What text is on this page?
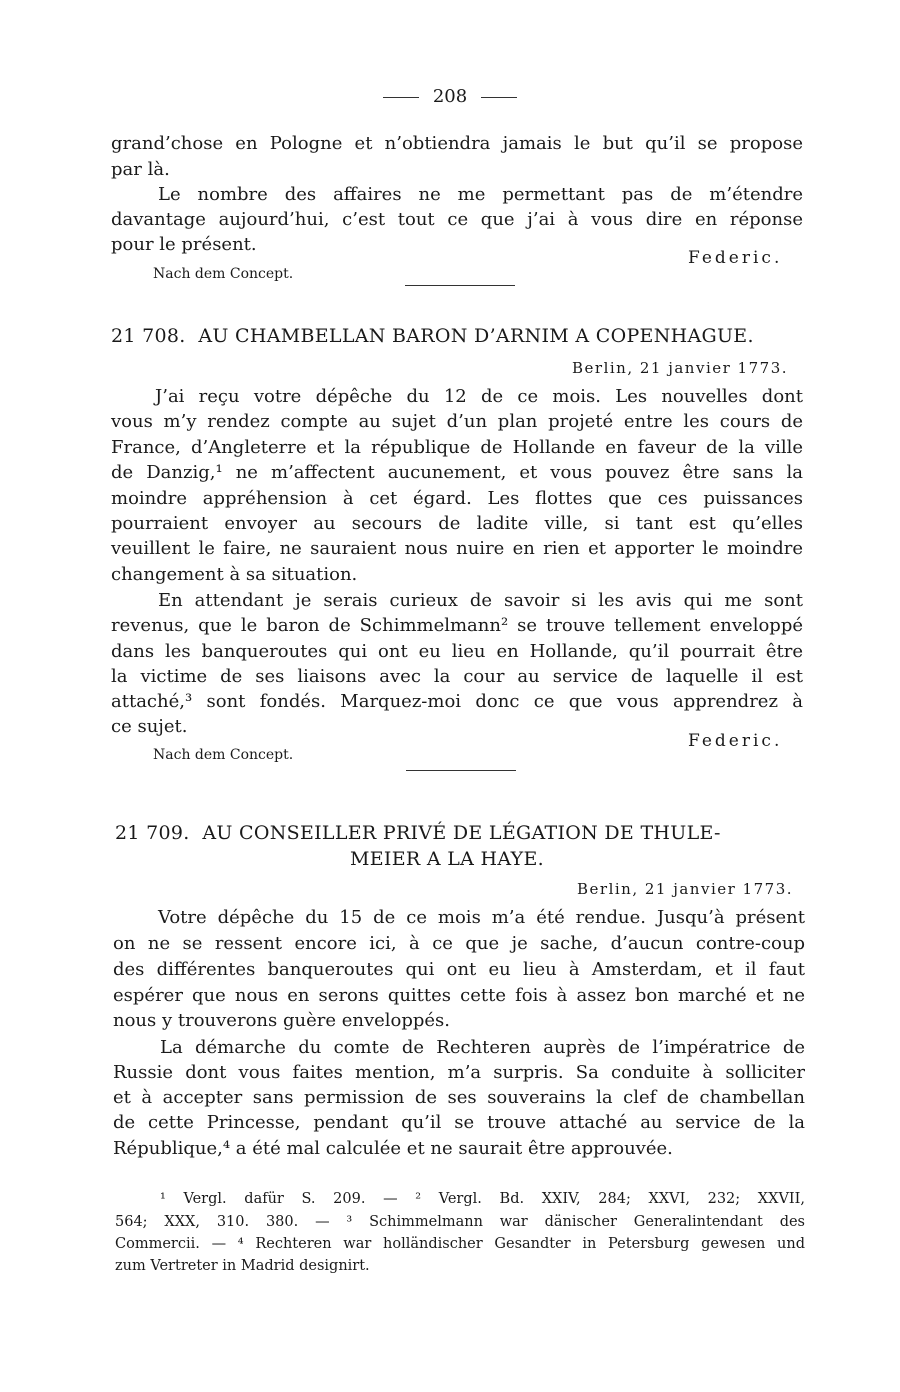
208
grand’chose en Pologne et n’obtiendra jamais le but qu’il se propose
par là.
Le nombre des affaires ne me permettant pas de m’étendre
davantage aujourd’hui, c’est tout ce que j’ai à vous dire en réponse
pour le présent.
Federic.
Nach dem Concept.
21 708. AU CHAMBELLAN BARON D’ARNIM A COPENHAGUE.
Berlin, 21 janvier 1773.
J’ai reçu votre dépêche du 12 de ce mois. Les nouvelles dont
vous m’y rendez compte au sujet d’un plan projeté entre les cours de
France, d’Angleterre et la république de Hollande en faveur de la ville
de Danzig,¹ ne m’affectent aucunement, et vous pouvez être sans la
moindre appréhension à cet égard. Les flottes que ces puissances
pourraient envoyer au secours de ladite ville, si tant est qu’elles
veuillent le faire, ne sauraient nous nuire en rien et apporter le moindre
changement à sa situation.
En attendant je serais curieux de savoir si les avis qui me sont
revenus, que le baron de Schimmelmann² se trouve tellement enveloppé
dans les banqueroutes qui ont eu lieu en Hollande, qu’il pourrait être
la victime de ses liaisons avec la cour au service de laquelle il est
attaché,³ sont fondés. Marquez-moi donc ce que vous apprendrez à
ce sujet.
Federic.
Nach dem Concept.
21 709. AU CONSEILLER PRIVÉ DE LÉGATION DE THULE-
MEIER A LA HAYE.
Berlin, 21 janvier 1773.
Votre dépêche du 15 de ce mois m’a été rendue. Jusqu’à présent
on ne se ressent encore ici, à ce que je sache, d’aucun contre-coup
des différentes banqueroutes qui ont eu lieu à Amsterdam, et il faut
espérer que nous en serons quittes cette fois à assez bon marché et ne
nous y trouverons guère enveloppés.
La démarche du comte de Rechteren auprès de l’impératrice de
Russie dont vous faites mention, m’a surpris. Sa conduite à solliciter
et à accepter sans permission de ses souverains la clef de chambellan
de cette Princesse, pendant qu’il se trouve attaché au service de la
République,⁴ a été mal calculée et ne saurait être approuvée.
¹ Vergl. dafür S. 209. — ² Vergl. Bd. XXIV, 284; XXVI, 232; XXVII,
564; XXX, 310. 380. — ³ Schimmelmann war dänischer Generalintendant des
Commercii. — ⁴ Rechteren war holländischer Gesandter in Petersburg gewesen und
zum Vertreter in Madrid designirt.
